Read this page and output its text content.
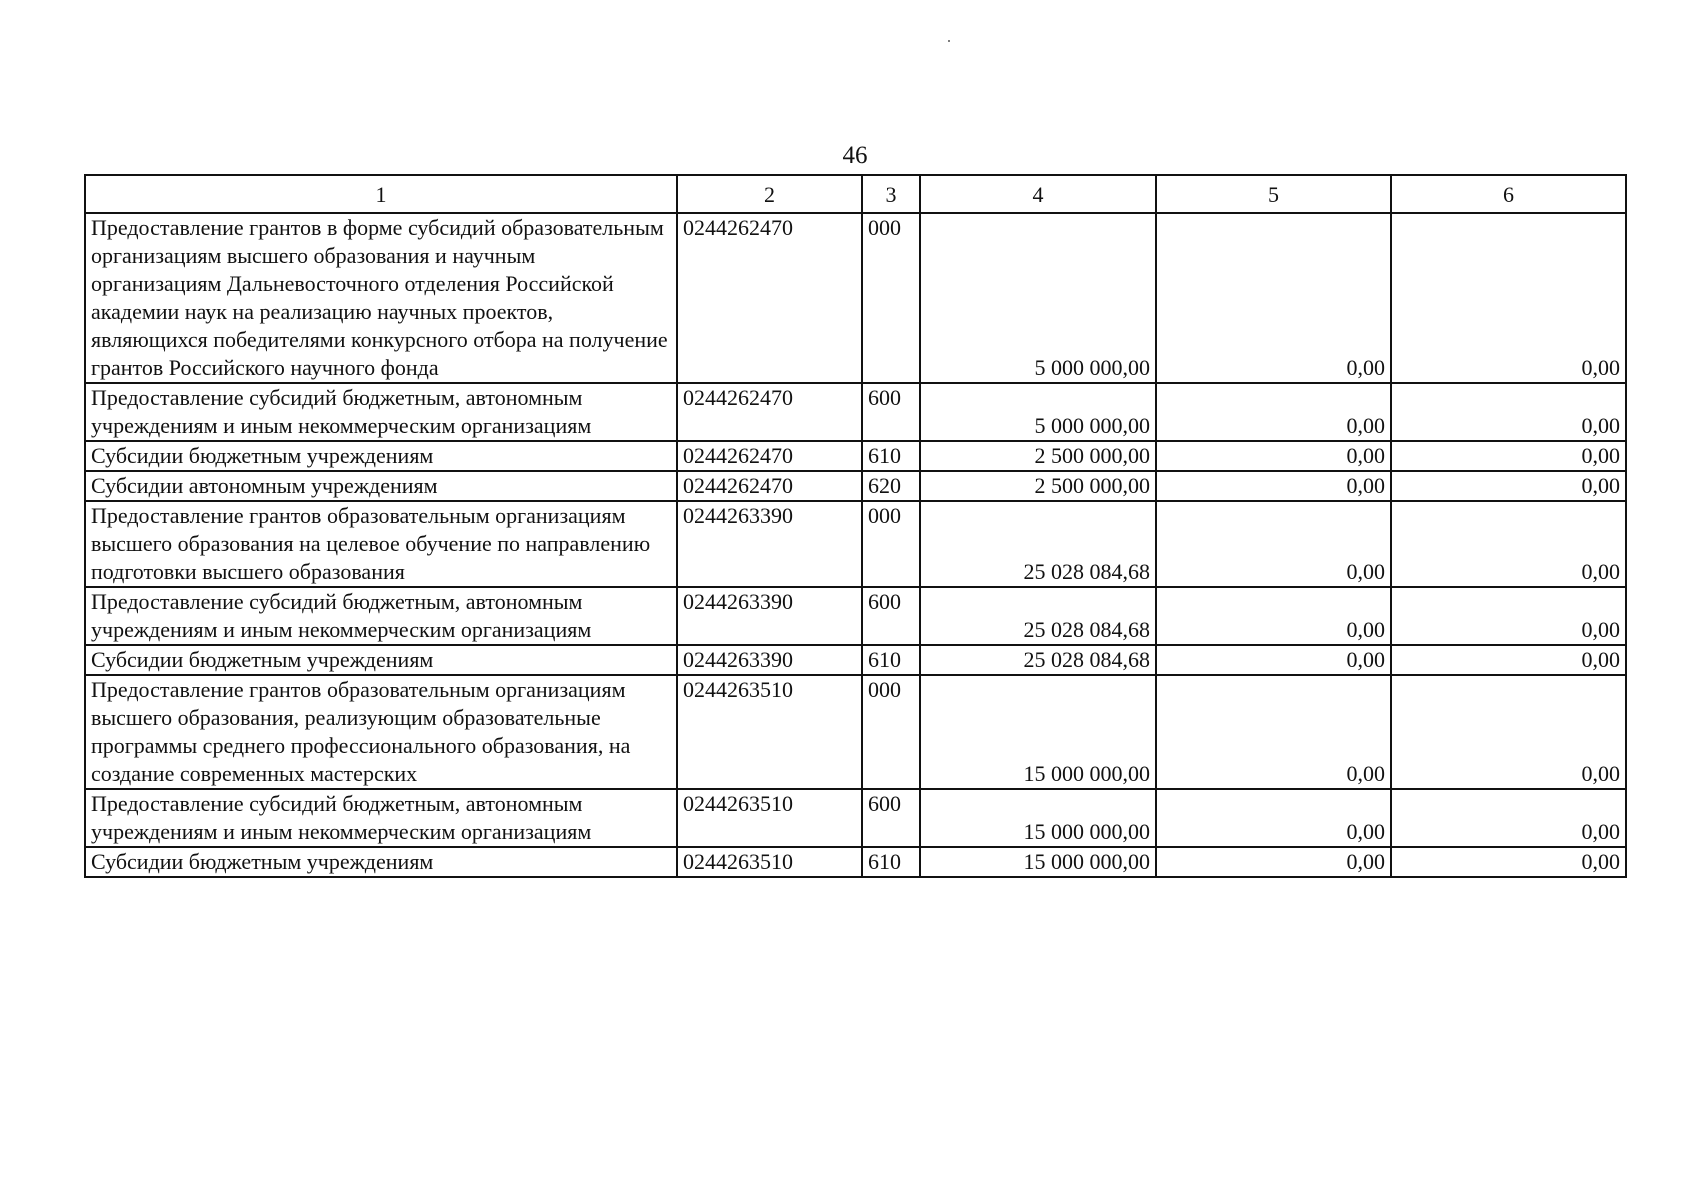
46
1	2	3	4	5	6
Предоставление грантов в форме субсидий образовательным организациям высшего образования и научным организациям Дальневосточного отделения Российской академии наук на реализацию научных проектов, являющихся победителями конкурсного отбора на получение грантов Российского научного фонда	0244262470	000	5 000 000,00	0,00	0,00
Предоставление субсидий бюджетным, автономным учреждениям и иным некоммерческим организациям	0244262470	600	5 000 000,00	0,00	0,00
Субсидии бюджетным учреждениям	0244262470	610	2 500 000,00	0,00	0,00
Субсидии автономным учреждениям	0244262470	620	2 500 000,00	0,00	0,00
Предоставление грантов образовательным организациям высшего образования на целевое обучение по направлению подготовки высшего образования	0244263390	000	25 028 084,68	0,00	0,00
Предоставление субсидий бюджетным, автономным учреждениям и иным некоммерческим организациям	0244263390	600	25 028 084,68	0,00	0,00
Субсидии бюджетным учреждениям	0244263390	610	25 028 084,68	0,00	0,00
Предоставление грантов образовательным организациям высшего образования, реализующим образовательные программы среднего профессионального образования, на создание современных мастерских	0244263510	000	15 000 000,00	0,00	0,00
Предоставление субсидий бюджетным, автономным учреждениям и иным некоммерческим организациям	0244263510	600	15 000 000,00	0,00	0,00
Субсидии бюджетным учреждениям	0244263510	610	15 000 000,00	0,00	0,00
